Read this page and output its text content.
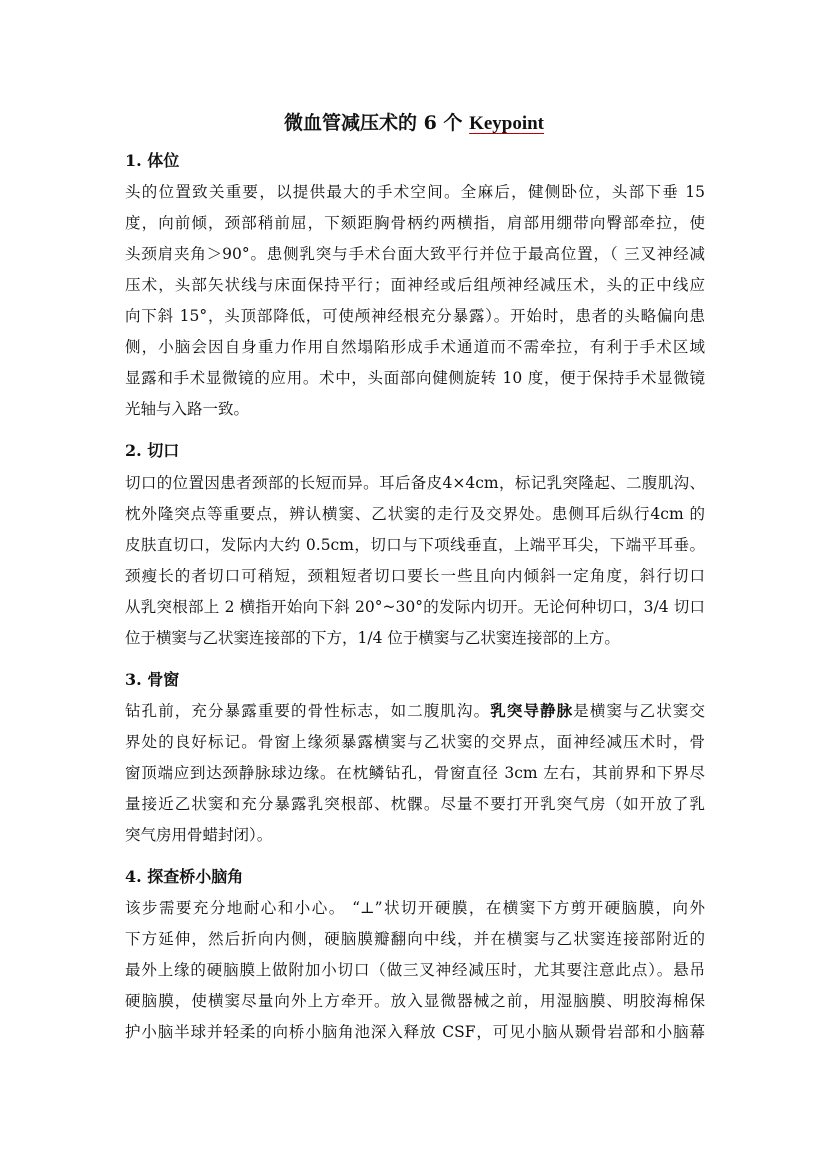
微血管减压术的 6 个 Keypoint
1. 体位
头的位置致关重要，以提供最大的手术空间。全麻后，健侧卧位，头部下垂 15
度，向前倾，颈部稍前屈，下颏距胸骨柄约两横指，肩部用绷带向臀部牵拉，使
头颈肩夹角＞90°。患侧乳突与手术台面大致平行并位于最高位置，（ 三叉神经减
压术，头部矢状线与床面保持平行；面神经或后组颅神经减压术，头的正中线应
向下斜 15°，头顶部降低，可使颅神经根充分暴露）。开始时，患者的头略偏向患
侧，小脑会因自身重力作用自然塌陷形成手术通道而不需牵拉，有利于手术区域
显露和手术显微镜的应用。术中，头面部向健侧旋转 10 度，便于保持手术显微镜
光轴与入路一致。
2. 切口
切口的位置因患者颈部的长短而异。耳后备皮4×4cm，标记乳突隆起、二腹肌沟、
枕外隆突点等重要点，辨认横窦、乙状窦的走行及交界处。患侧耳后纵行4cm 的
皮肤直切口，发际内大约 0.5cm，切口与下项线垂直，上端平耳尖，下端平耳垂。
颈瘦长的者切口可稍短，颈粗短者切口要长一些且向内倾斜一定角度，斜行切口
从乳突根部上 2 横指开始向下斜 20°~30°的发际内切开。无论何种切口，3/4 切口
位于横窦与乙状窦连接部的下方，1/4 位于横窦与乙状窦连接部的上方。
3. 骨窗
钻孔前，充分暴露重要的骨性标志，如二腹肌沟。乳突导静脉是横窦与乙状窦交
界处的良好标记。骨窗上缘须暴露横窦与乙状窦的交界点，面神经减压术时，骨
窗顶端应到达颈静脉球边缘。在枕鳞钻孔，骨窗直径 3cm 左右，其前界和下界尽
量接近乙状窦和充分暴露乳突根部、枕髁。尽量不要打开乳突气房（如开放了乳
突气房用骨蜡封闭）。
4. 探查桥小脑角
该步需要充分地耐心和小心。 “⊥”状切开硬膜，在横窦下方剪开硬脑膜，向外
下方延伸，然后折向内侧，硬脑膜瓣翻向中线，并在横窦与乙状窦连接部附近的
最外上缘的硬脑膜上做附加小切口（做三叉神经减压时，尤其要注意此点）。悬吊
硬脑膜，使横窦尽量向外上方牵开。放入显微器械之前，用湿脑膜、明胶海棉保
护小脑半球并轻柔的向桥小脑角池深入释放 CSF，可见小脑从颞骨岩部和小脑幕
